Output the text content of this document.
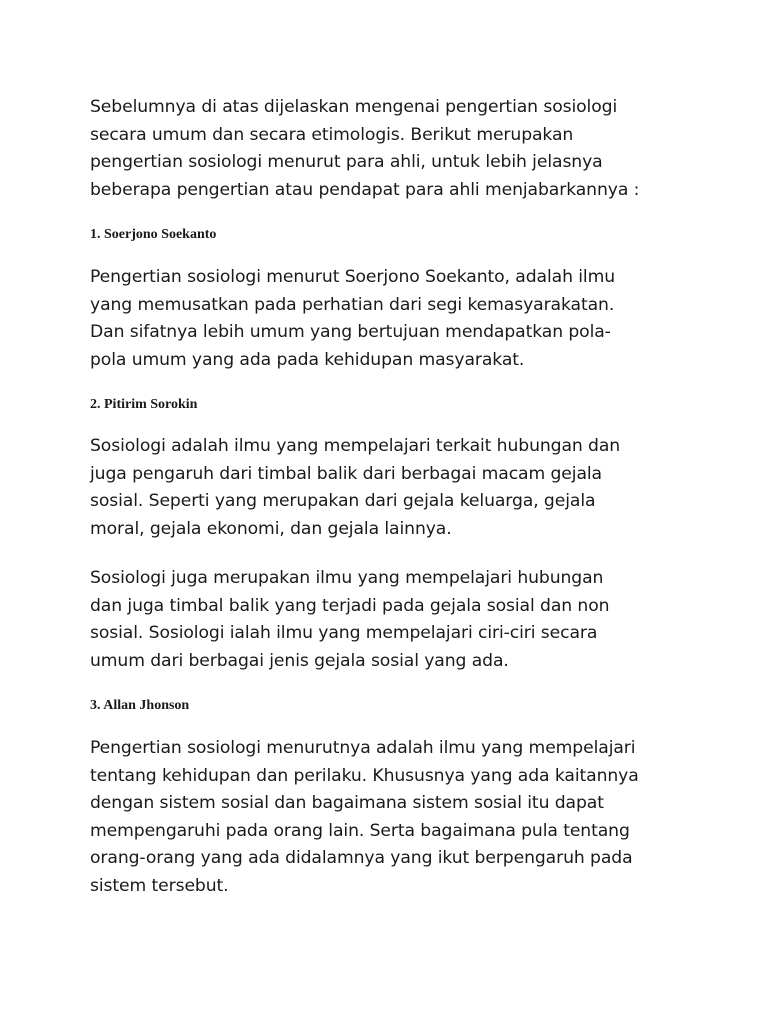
Sebelumnya di atas dijelaskan mengenai pengertian sosiologi
secara umum dan secara etimologis. Berikut merupakan
pengertian sosiologi menurut para ahli, untuk lebih jelasnya
beberapa pengertian atau pendapat para ahli menjabarkannya :

1. Soerjono Soekanto

Pengertian sosiologi menurut Soerjono Soekanto, adalah ilmu
yang memusatkan pada perhatian dari segi kemasyarakatan.
Dan sifatnya lebih umum yang bertujuan mendapatkan pola-
pola umum yang ada pada kehidupan masyarakat.

2. Pitirim Sorokin

Sosiologi adalah ilmu yang mempelajari terkait hubungan dan
juga pengaruh dari timbal balik dari berbagai macam gejala
sosial. Seperti yang merupakan dari gejala keluarga, gejala
moral, gejala ekonomi, dan gejala lainnya.

Sosiologi juga merupakan ilmu yang mempelajari hubungan
dan juga timbal balik yang terjadi pada gejala sosial dan non
sosial. Sosiologi ialah ilmu yang mempelajari ciri-ciri secara
umum dari berbagai jenis gejala sosial yang ada.

3. Allan Jhonson

Pengertian sosiologi menurutnya adalah ilmu yang mempelajari
tentang kehidupan dan perilaku. Khususnya yang ada kaitannya
dengan sistem sosial dan bagaimana sistem sosial itu dapat
mempengaruhi pada orang lain. Serta bagaimana pula tentang
orang-orang yang ada didalamnya yang ikut berpengaruh pada
sistem tersebut.
